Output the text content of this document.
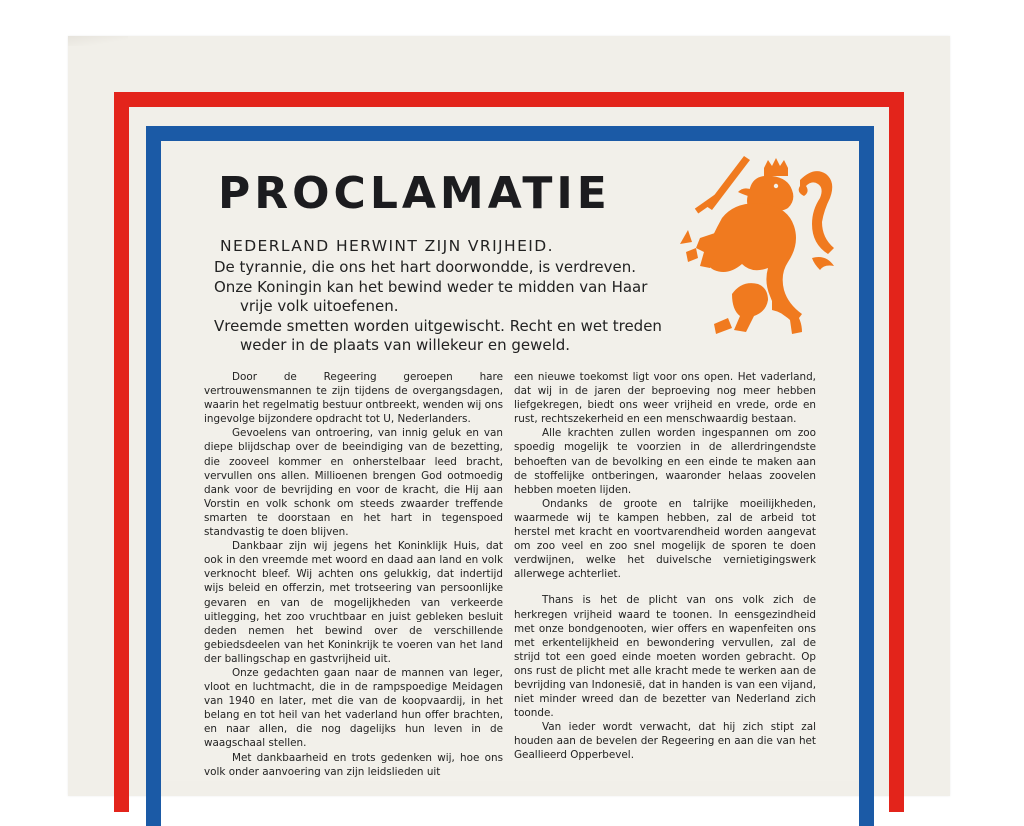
PROCLAMATIE
NEDERLAND HERWINT ZIJN VRIJHEID.
De tyrannie, die ons het hart doorwondde, is verdreven.
Onze Koningin kan het bewind weder te midden van Haar
vrije volk uitoefenen.
Vreemde smetten worden uitgewischt. Recht en wet treden
weder in de plaats van willekeur en geweld.

Door de Regeering geroepen hare vertrouwensmannen te zijn tijdens de overgangsdagen, waarin het regelmatig bestuur ontbreekt, wenden wij ons ingevolge bijzondere opdracht tot U, Nederlanders.

Gevoelens van ontroering, van innig geluk en van diepe blijdschap over de beeindiging van de bezetting, die zooveel kommer en onherstelbaar leed bracht, vervullen ons allen. Millioenen brengen God ootmoedig dank voor de bevrijding en voor de kracht, die Hij aan Vorstin en volk schonk om steeds zwaarder treffende smarten te doorstaan en het hart in tegenspoed standvastig te doen blijven.

Dankbaar zijn wij jegens het Koninklijk Huis, dat ook in den vreemde met woord en daad aan land en volk verknocht bleef. Wij achten ons gelukkig, dat indertijd wijs beleid en offerzin, met trotseering van persoonlijke gevaren en van de mogelijkheden van verkeerde uitlegging, het zoo vruchtbaar en juist gebleken besluit deden nemen het bewind over de verschillende gebiedsdeelen van het Koninkrijk te voeren van het land der ballingschap en gastvrijheid uit.

Onze gedachten gaan naar de mannen van leger, vloot en luchtmacht, die in de rampspoedige Meidagen van 1940 en later, met die van de koopvaardij, in het belang en tot heil van het vaderland hun offer brachten, en naar allen, die nog dagelijks hun leven in de waagschaal stellen.

Met dankbaarheid en trots gedenken wij, hoe ons volk onder aanvoering van zijn leidslieden uit

een nieuwe toekomst ligt voor ons open. Het vaderland, dat wij in de jaren der beproeving nog meer hebben liefgekregen, biedt ons weer vrijheid en vrede, orde en rust, rechtszekerheid en een menschwaardig bestaan.

Alle krachten zullen worden ingespannen om zoo spoedig mogelijk te voorzien in de allerdringendste behoeften van de bevolking en een einde te maken aan de stoffelijke ontberingen, waaronder helaas zoovelen hebben moeten lijden.

Ondanks de groote en talrijke moeilijkheden, waarmede wij te kampen hebben, zal de arbeid tot herstel met kracht en voortvarendheid worden aangevat om zoo veel en zoo snel mogelijk de sporen te doen verdwijnen, welke het duivelsche vernietigingswerk allerwege achterliet.

Thans is het de plicht van ons volk zich de herkregen vrijheid waard te toonen. In eensgezindheid met onze bondgenooten, wier offers en wapenfeiten ons met erkentelijkheid en bewondering vervullen, zal de strijd tot een goed einde moeten worden gebracht. Op ons rust de plicht met alle kracht mede te werken aan de bevrijding van Indonesië, dat in handen is van een vijand, niet minder wreed dan de bezetter van Nederland zich toonde.

Van ieder wordt verwacht, dat hij zich stipt zal houden aan de bevelen der Regeering en aan die van het Geallieerd Opperbevel.
